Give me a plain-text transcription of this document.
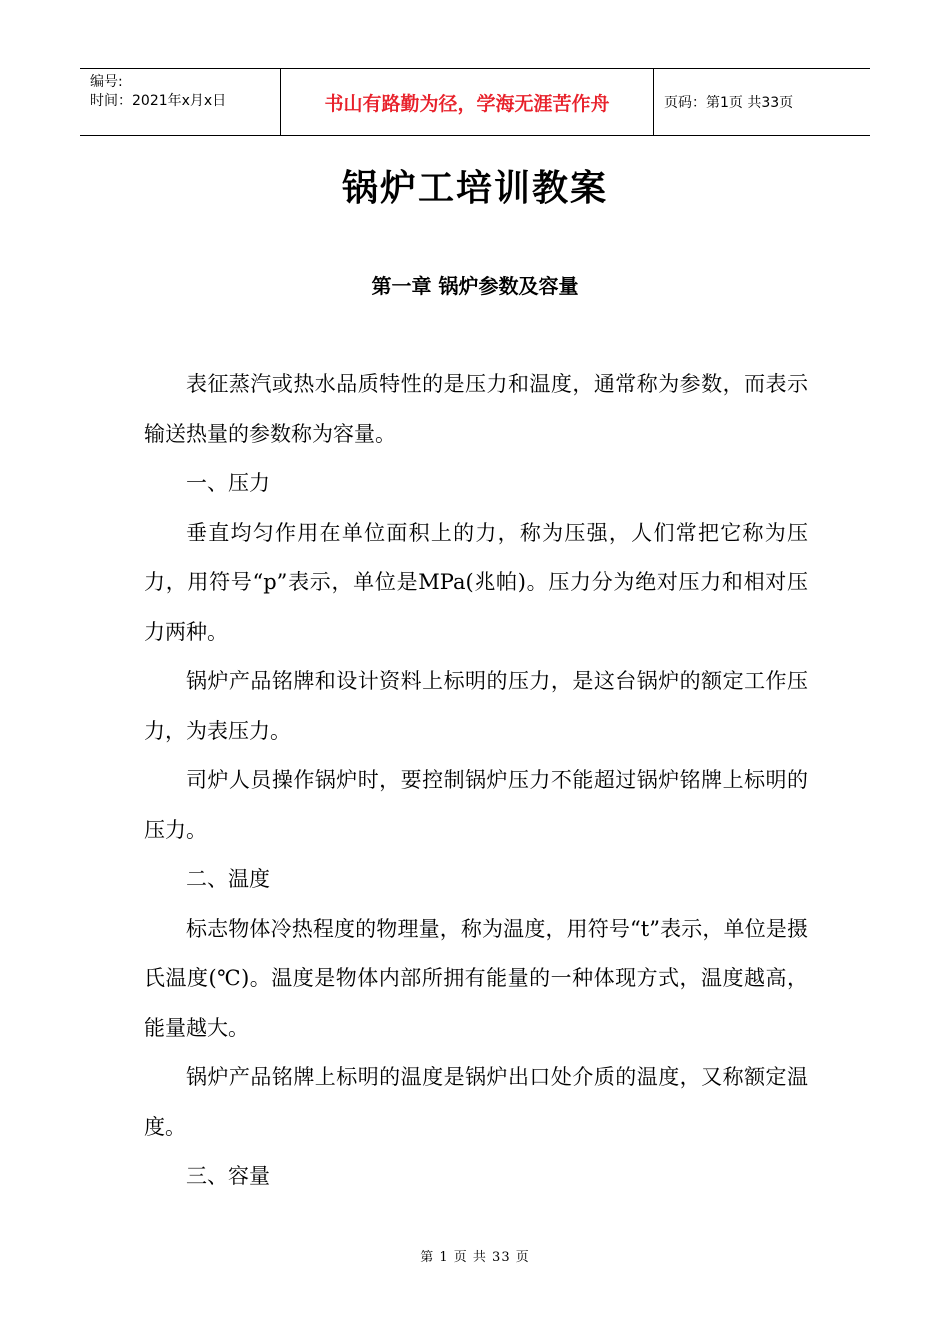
编号:
时间：2021年x月x日	书山有路勤为径，学海无涯苦作舟	页码：第1页 共33页
锅炉工培训教案
第一章 锅炉参数及容量

表征蒸汽或热水品质特性的是压力和温度，通常称为参数，而表示输送热量的参数称为容量。

一、压力

垂直均匀作用在单位面积上的力，称为压强，人们常把它称为压力，用符号“p”表示，单位是MPa(兆帕)。压力分为绝对压力和相对压力两种。

锅炉产品铭牌和设计资料上标明的压力，是这台锅炉的额定工作压力，为表压力。

司炉人员操作锅炉时，要控制锅炉压力不能超过锅炉铭牌上标明的压力。

二、温度

标志物体冷热程度的物理量，称为温度，用符号“t”表示，单位是摄氏温度(℃)。温度是物体内部所拥有能量的一种体现方式，温度越高，能量越大。

锅炉产品铭牌上标明的温度是锅炉出口处介质的温度，又称额定温度。

三、容量

第 1 页 共 33 页
